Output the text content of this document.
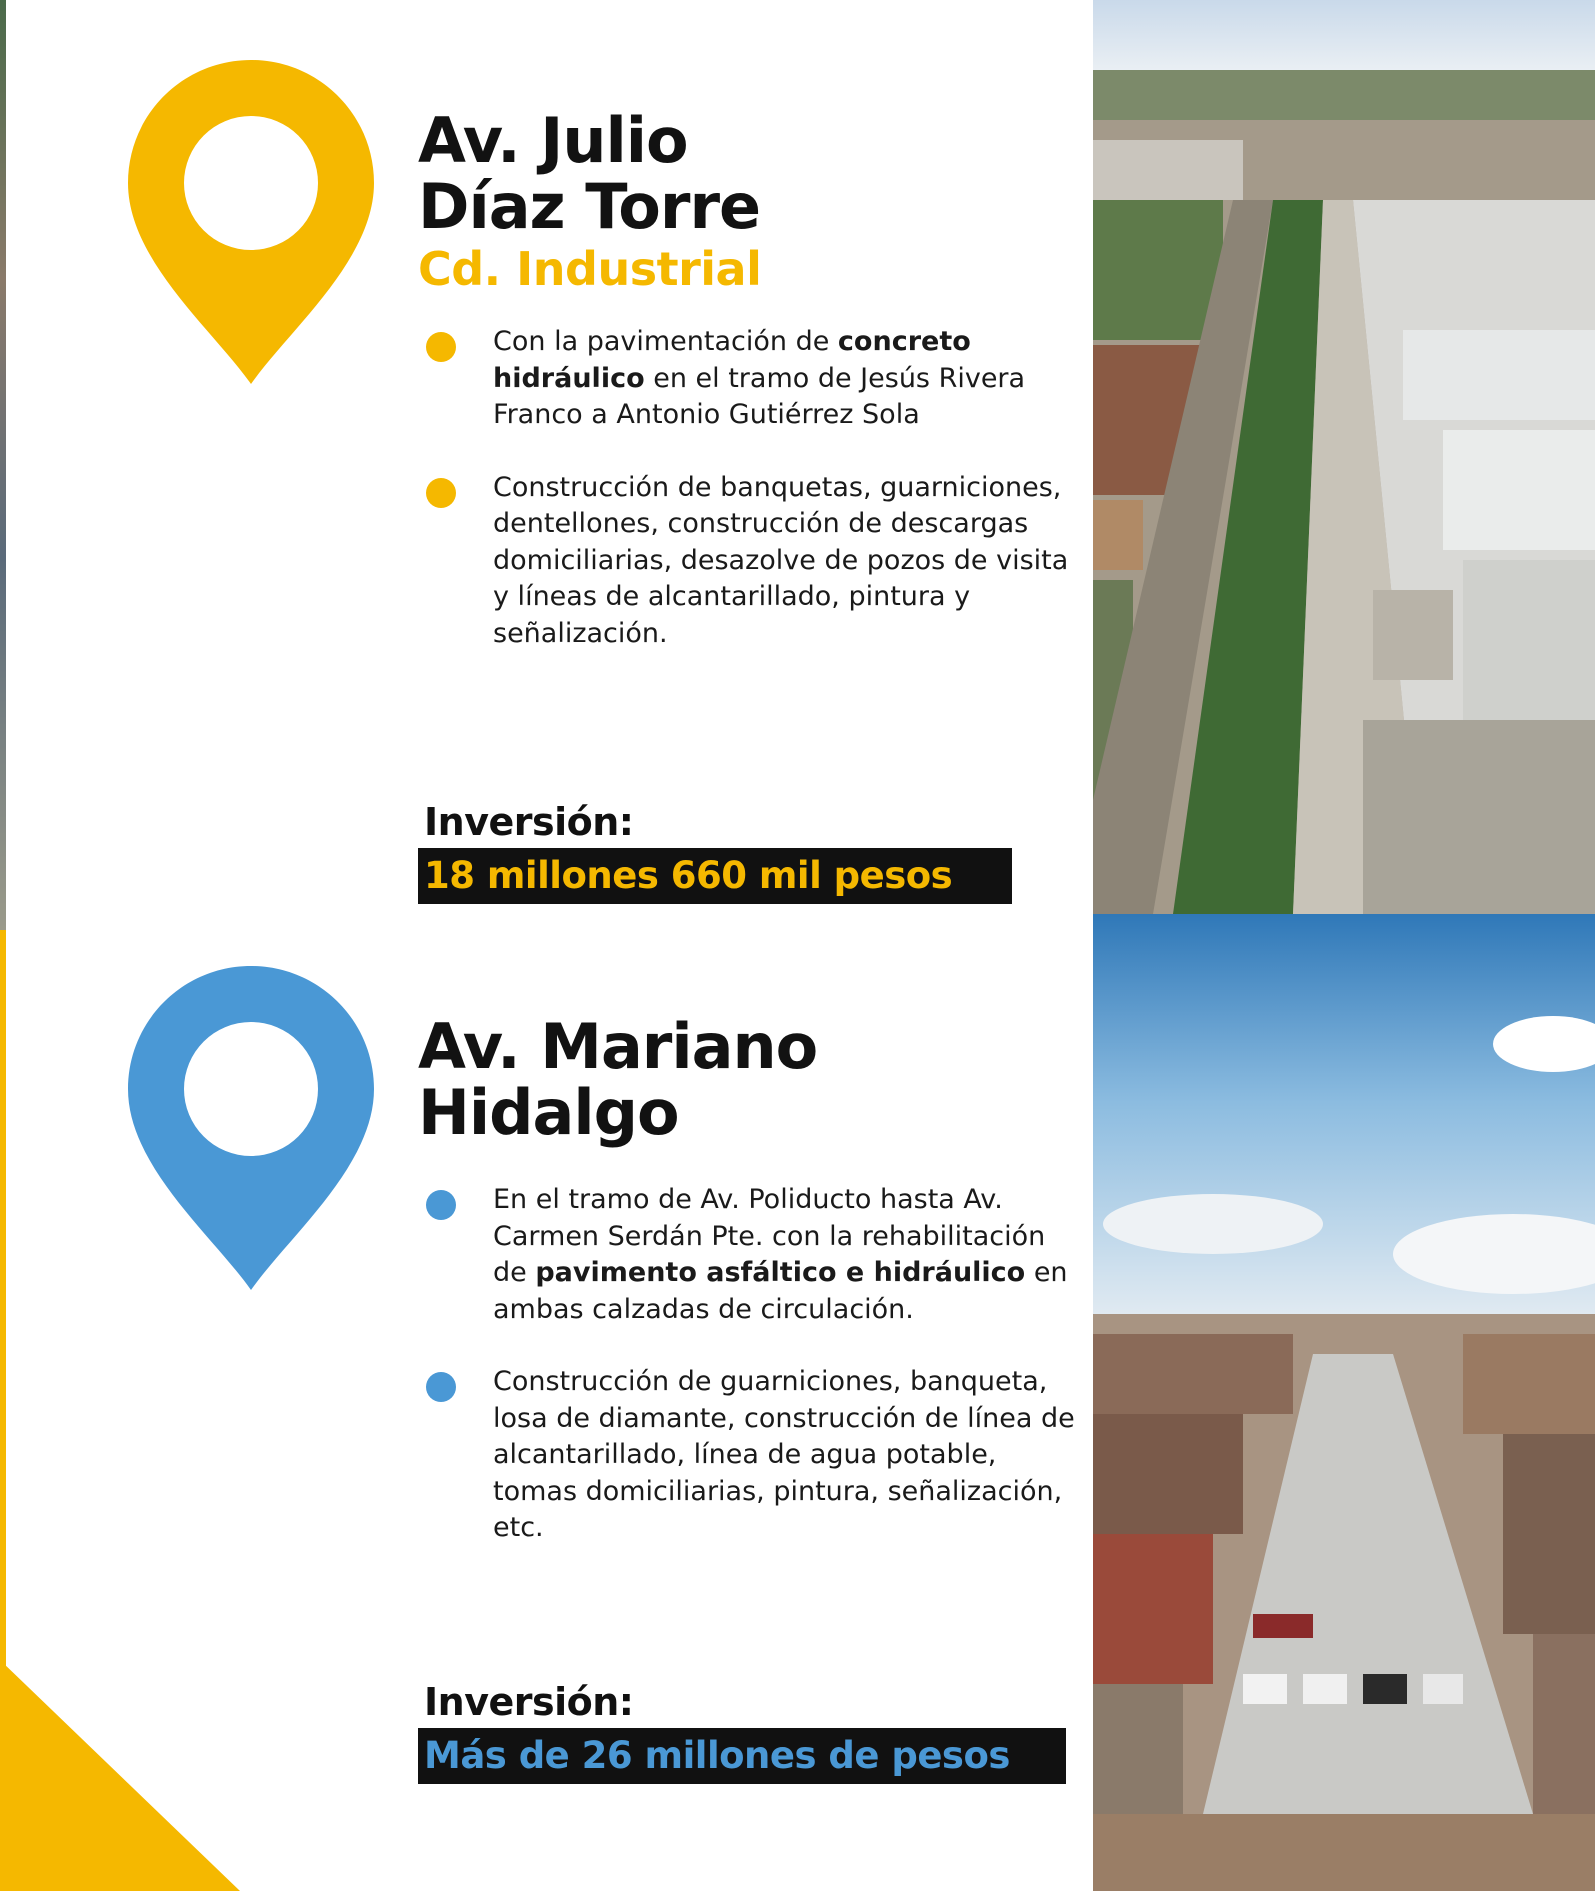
Av. Julio
Díaz Torre
Cd. Industrial
Con la pavimentación de concreto hidráulico en el tramo de Jesús Rivera Franco a Antonio Gutiérrez Sola
Construcción de banquetas, guarniciones, dentellones, construcción de descargas domiciliarias, desazolve de pozos de visita y líneas de alcantarillado, pintura y señalización.
Inversión:
18 millones 660 mil pesos
Av. Mariano
Hidalgo
En el tramo de Av. Poliducto hasta Av. Carmen Serdán Pte. con la rehabilitación de pavimento asfáltico e hidráulico en ambas calzadas de circulación.
Construcción de guarniciones, banqueta, losa de diamante, construcción de línea de alcantarillado, línea de agua potable, tomas domiciliarias, pintura, señalización, etc.
Inversión:
Más de 26 millones de pesos
